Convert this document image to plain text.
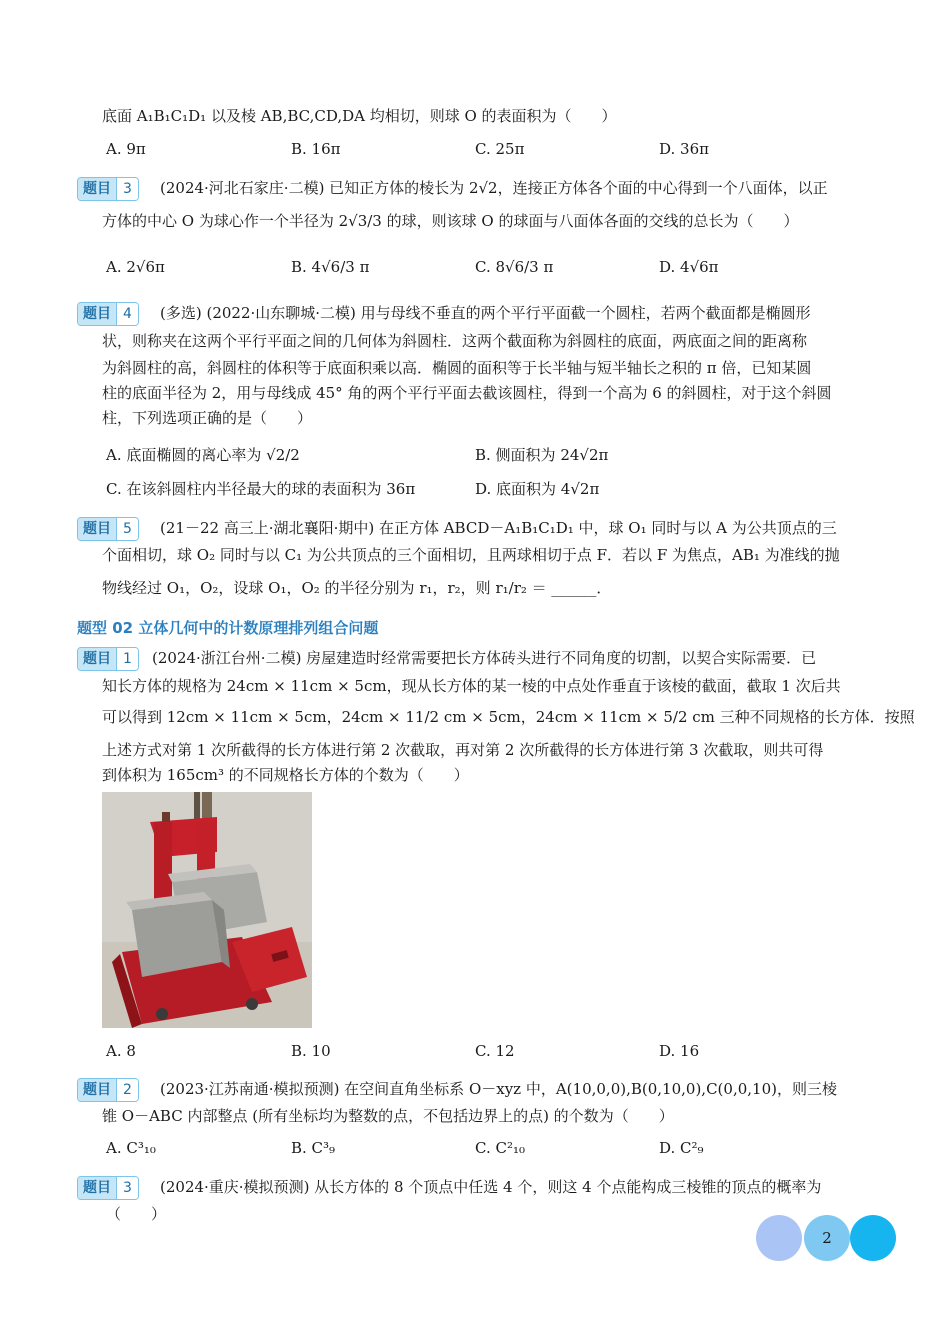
底面 A₁B₁C₁D₁ 以及棱 AB,BC,CD,DA 均相切，则球 O 的表面积为（　　）
A. 9π	B. 16π	C. 25π	D. 36π
题目 3	(2024·河北石家庄·二模) 已知正方体的棱长为 2√2，连接正方体各个面的中心得到一个八面体，以正
方体的中心 O 为球心作一个半径为 2√3/3 的球，则该球 O 的球面与八面体各面的交线的总长为（　　）
A. 2√6π	B. 4√6/3 π	C. 8√6/3 π	D. 4√6π
题目 4	(多选) (2022·山东聊城·二模) 用与母线不垂直的两个平行平面截一个圆柱，若两个截面都是椭圆形
状，则称夹在这两个平行平面之间的几何体为斜圆柱．这两个截面称为斜圆柱的底面，两底面之间的距离称
为斜圆柱的高，斜圆柱的体积等于底面积乘以高．椭圆的面积等于长半轴与短半轴长之积的 π 倍，已知某圆
柱的底面半径为 2，用与母线成 45° 角的两个平行平面去截该圆柱，得到一个高为 6 的斜圆柱，对于这个斜圆
柱，下列选项正确的是（　　）
A. 底面椭圆的离心率为 √2/2	B. 侧面积为 24√2π
C. 在该斜圆柱内半径最大的球的表面积为 36π	D. 底面积为 4√2π
题目 5	(21－22 高三上·湖北襄阳·期中) 在正方体 ABCD－A₁B₁C₁D₁ 中，球 O₁ 同时与以 A 为公共顶点的三
个面相切，球 O₂ 同时与以 C₁ 为公共顶点的三个面相切，且两球相切于点 F．若以 F 为焦点，AB₁ 为准线的抛
物线经过 O₁，O₂，设球 O₁，O₂ 的半径分别为 r₁，r₂，则 r₁/r₂ ＝ ______．
题型 02 立体几何中的计数原理排列组合问题
题目 1	(2024·浙江台州·二模) 房屋建造时经常需要把长方体砖头进行不同角度的切割，以契合实际需要．已
知长方体的规格为 24cm × 11cm × 5cm，现从长方体的某一棱的中点处作垂直于该棱的截面，截取 1 次后共
可以得到 12cm × 11cm × 5cm，24cm × 11/2 cm × 5cm，24cm × 11cm × 5/2 cm 三种不同规格的长方体．按照
上述方式对第 1 次所截得的长方体进行第 2 次截取，再对第 2 次所截得的长方体进行第 3 次截取，则共可得
到体积为 165cm³ 的不同规格长方体的个数为（　　）
A. 8	B. 10	C. 12	D. 16
题目 2	(2023·江苏南通·模拟预测) 在空间直角坐标系 O－xyz 中，A(10,0,0),B(0,10,0),C(0,0,10)，则三棱
锥 O－ABC 内部整点 (所有坐标均为整数的点，不包括边界上的点) 的个数为（　　）
A. C³₁₀	B. C³₉	C. C²₁₀	D. C²₉
题目 3	(2024·重庆·模拟预测) 从长方体的 8 个顶点中任选 4 个，则这 4 个点能构成三棱锥的顶点的概率为
（　　）
2
